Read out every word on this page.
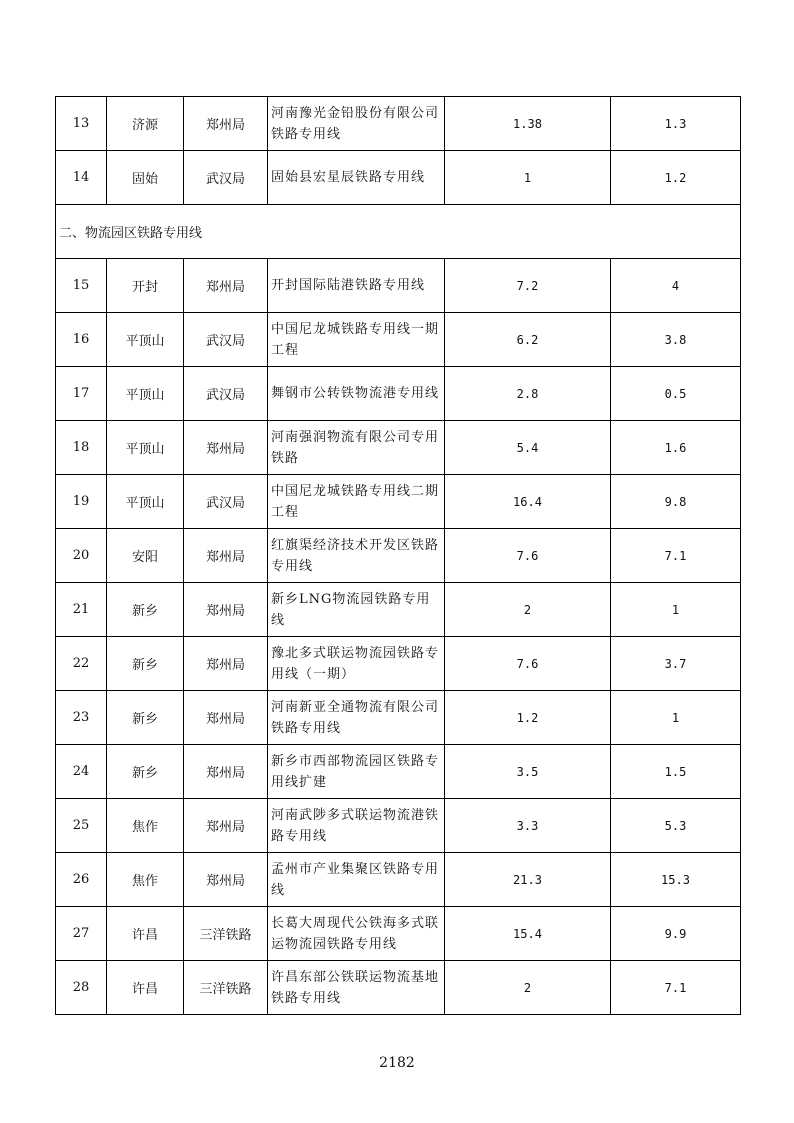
13	济源	郑州局	河南豫光金铅股份有限公司铁路专用线	1.38	1.3
14	固始	武汉局	固始县宏星辰铁路专用线	1	1.2
二、物流园区铁路专用线					
15	开封	郑州局	开封国际陆港铁路专用线	7.2	4
16	平顶山	武汉局	中国尼龙城铁路专用线一期工程	6.2	3.8
17	平顶山	武汉局	舞钢市公转铁物流港专用线	2.8	0.5
18	平顶山	郑州局	河南强润物流有限公司专用铁路	5.4	1.6
19	平顶山	武汉局	中国尼龙城铁路专用线二期工程	16.4	9.8
20	安阳	郑州局	红旗渠经济技术开发区铁路专用线	7.6	7.1
21	新乡	郑州局	新乡LNG物流园铁路专用线	2	1
22	新乡	郑州局	豫北多式联运物流园铁路专用线（一期）	7.6	3.7
23	新乡	郑州局	河南新亚全通物流有限公司铁路专用线	1.2	1
24	新乡	郑州局	新乡市西部物流园区铁路专用线扩建	3.5	1.5
25	焦作	郑州局	河南武陟多式联运物流港铁路专用线	3.3	5.3
26	焦作	郑州局	孟州市产业集聚区铁路专用线	21.3	15.3
27	许昌	三洋铁路	长葛大周现代公铁海多式联运物流园铁路专用线	15.4	9.9
28	许昌	三洋铁路	许昌东部公铁联运物流基地铁路专用线	2	7.1
2182
